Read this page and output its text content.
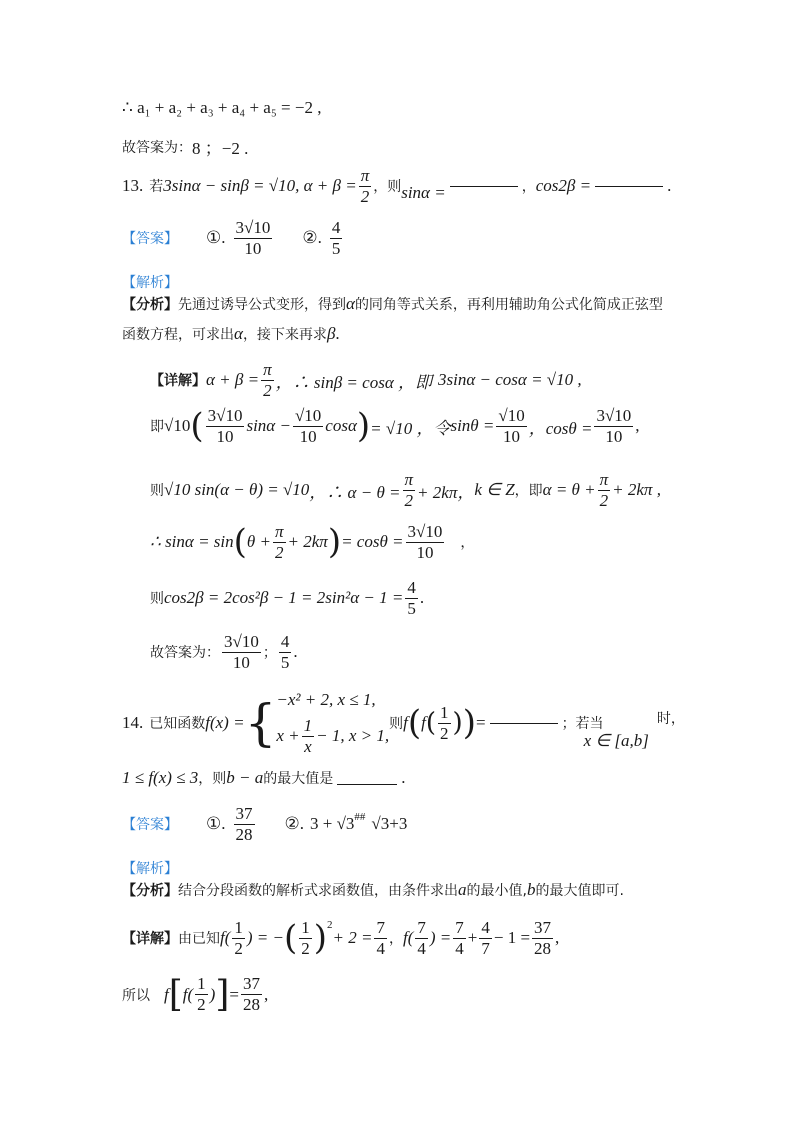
∴ a₁ + a₂ + a₃ + a₄ + a₅ = −2 ,
故答案为： 8 ；−2 .
13. 若 3sinα − sinβ = √10, $\alpha + \beta = \frac{\pi}{2}$ ，则 sinα =	， cos2β =	.
【答案】 ①. $\frac{3√10}{10}$ ②. $\frac{4}{5}$
【解析】
【分析】 先通过诱导公式变形，得到 α 的同角等式关系，再利用辅助角公式化简成正弦型
函数方程，可求出 α ，接下来再求 β .
【详解】 $\alpha + \beta = \frac{\pi}{2}$ ，∴ sinβ = cosα ，即 3sinα − cosα = √10 ,
即 √10 ( $\frac{3√10}{10}$ $\sin\alpha - \frac{√10}{10}$ cosα ) = √10 ，令 $\sin\theta = \frac{√10}{10}$ ，$\cos\theta = \frac{3√10}{10}$ ,
则 √10 sin(α − θ) = √10 ，∴ $\alpha - \theta = \frac{\pi}{2} + 2k\pi$， k ∈ Z ，即 $\alpha = \theta + \frac{\pi}{2} + 2k\pi$ ,
∴ sinα = sin ( $\theta + \frac{\pi}{2} + 2k\pi$ ) = $\cos\theta = \frac{3√10}{10}$ ，
则 $\cos 2\beta = 2\cos^2\beta - 1 = 2\sin^2\alpha - 1 = \frac{4}{5}$ .
故答案为： $\frac{3√10}{10}$ ； $\frac{4}{5}$ .
14. 已知函数 f(x) = { −x² + 2, x ≤ 1,
$x + \frac{1}{x} - 1$, x > 1,
则 f ( f ( $\frac{1}{2}$ ) ) =	；若当
x ∈ [a,b]
时，
1 ≤ f(x) ≤ 3 ，则 b − a 的最大值是	.
【答案】 ①. $\frac{37}{28}$ ②. 3 + √3 ## √3+3
【解析】
【分析】 结合分段函数的解析式求函数值，由条件求出 a 的最小值, b 的最大值即可.
【详解】 由已知 $f( \frac{1}{2}$ ) = − ( $\frac{1}{2}$ ) 2
+ $2 = \frac{7}{4}$ ， $f( \frac{7}{4}$ ) = $\frac{7}{4} + \frac{4}{7} - 1 = \frac{37}{28}$ ,
所以 f [ $f( \frac{1}{2}$ ) ] = $\frac{37}{28}$ ,
